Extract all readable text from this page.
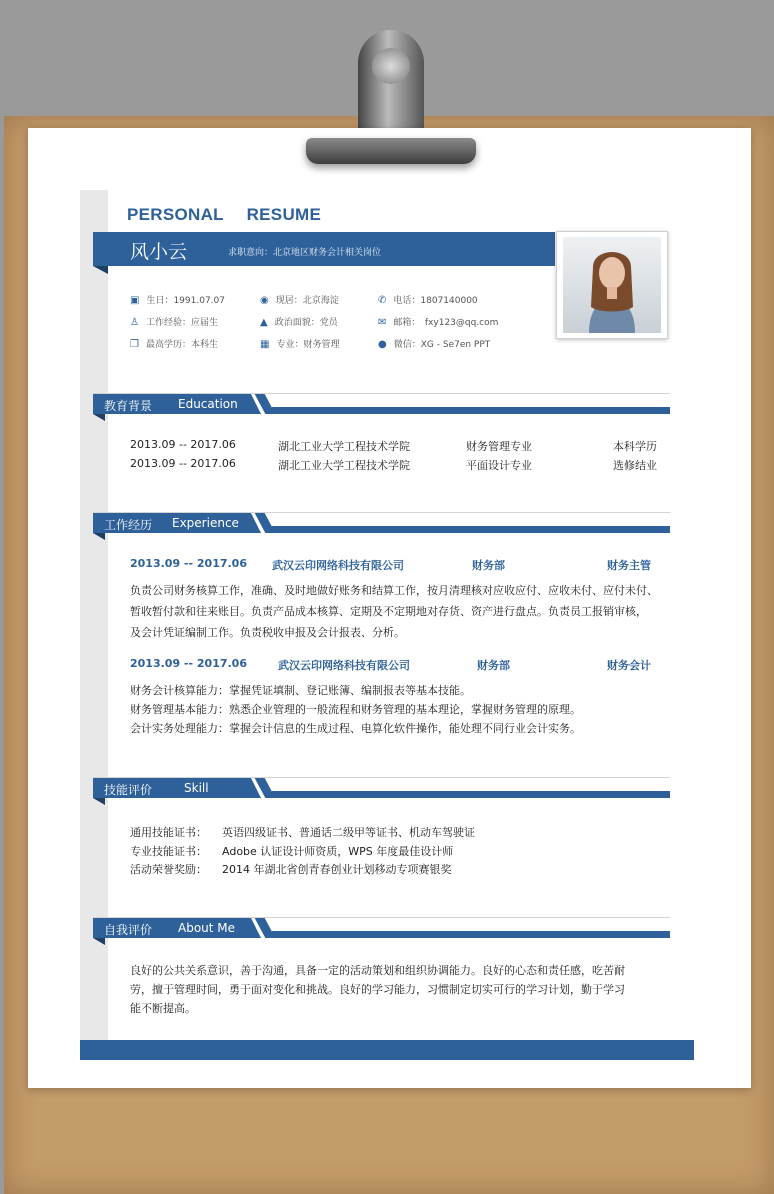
PERSONAL RESUME
风小云	求职意向：北京地区财务会计相关岗位
▣ 生日：1991.07.07	◉ 现居：北京海淀	✆ 电话：1807140000
♙ 工作经验：应届生	▲ 政治面貌：党员	✉ 邮箱：　fxy123@qq.com
❐ 最高学历：本科生	▦ 专业：财务管理	● 微信：XG - Se7en PPT
教育背景 Education
2013.09 -- 2017.06	湖北工业大学工程技术学院	财务管理专业	本科学历
2013.09 -- 2017.06	湖北工业大学工程技术学院	平面设计专业	选修结业
工作经历 Experience
2013.09 -- 2017.06 武汉云印网络科技有限公司	财务部	财务主管
负责公司财务核算工作，准确、及时地做好账务和结算工作，按月清理核对应收应付、应收未付、应付未付、
暂收暂付款和往来账目。负责产品成本核算、定期及不定期地对存货、资产进行盘点。负责员工报销审核，
及会计凭证编制工作。负责税收申报及会计报表、分析。
2013.09 -- 2017.06	武汉云印网络科技有限公司	财务部	财务会计
财务会计核算能力：掌握凭证填制、登记账簿、编制报表等基本技能。
财务管理基本能力：熟悉企业管理的一般流程和财务管理的基本理论，掌握财务管理的原理。
会计实务处理能力：掌握会计信息的生成过程、电算化软件操作，能处理不同行业会计实务。
技能评价	Skill
通用技能证书： 英语四级证书、普通话二级甲等证书、机动车驾驶证
专业技能证书： Adobe 认证设计师资质，WPS 年度最佳设计师
活动荣誉奖励： 2014 年湖北省创青春创业计划移动专项赛银奖
自我评价 About Me
良好的公共关系意识，善于沟通，具备一定的活动策划和组织协调能力。良好的心态和责任感，吃苦耐
劳，擅于管理时间，勇于面对变化和挑战。良好的学习能力，习惯制定切实可行的学习计划，勤于学习
能不断提高。
